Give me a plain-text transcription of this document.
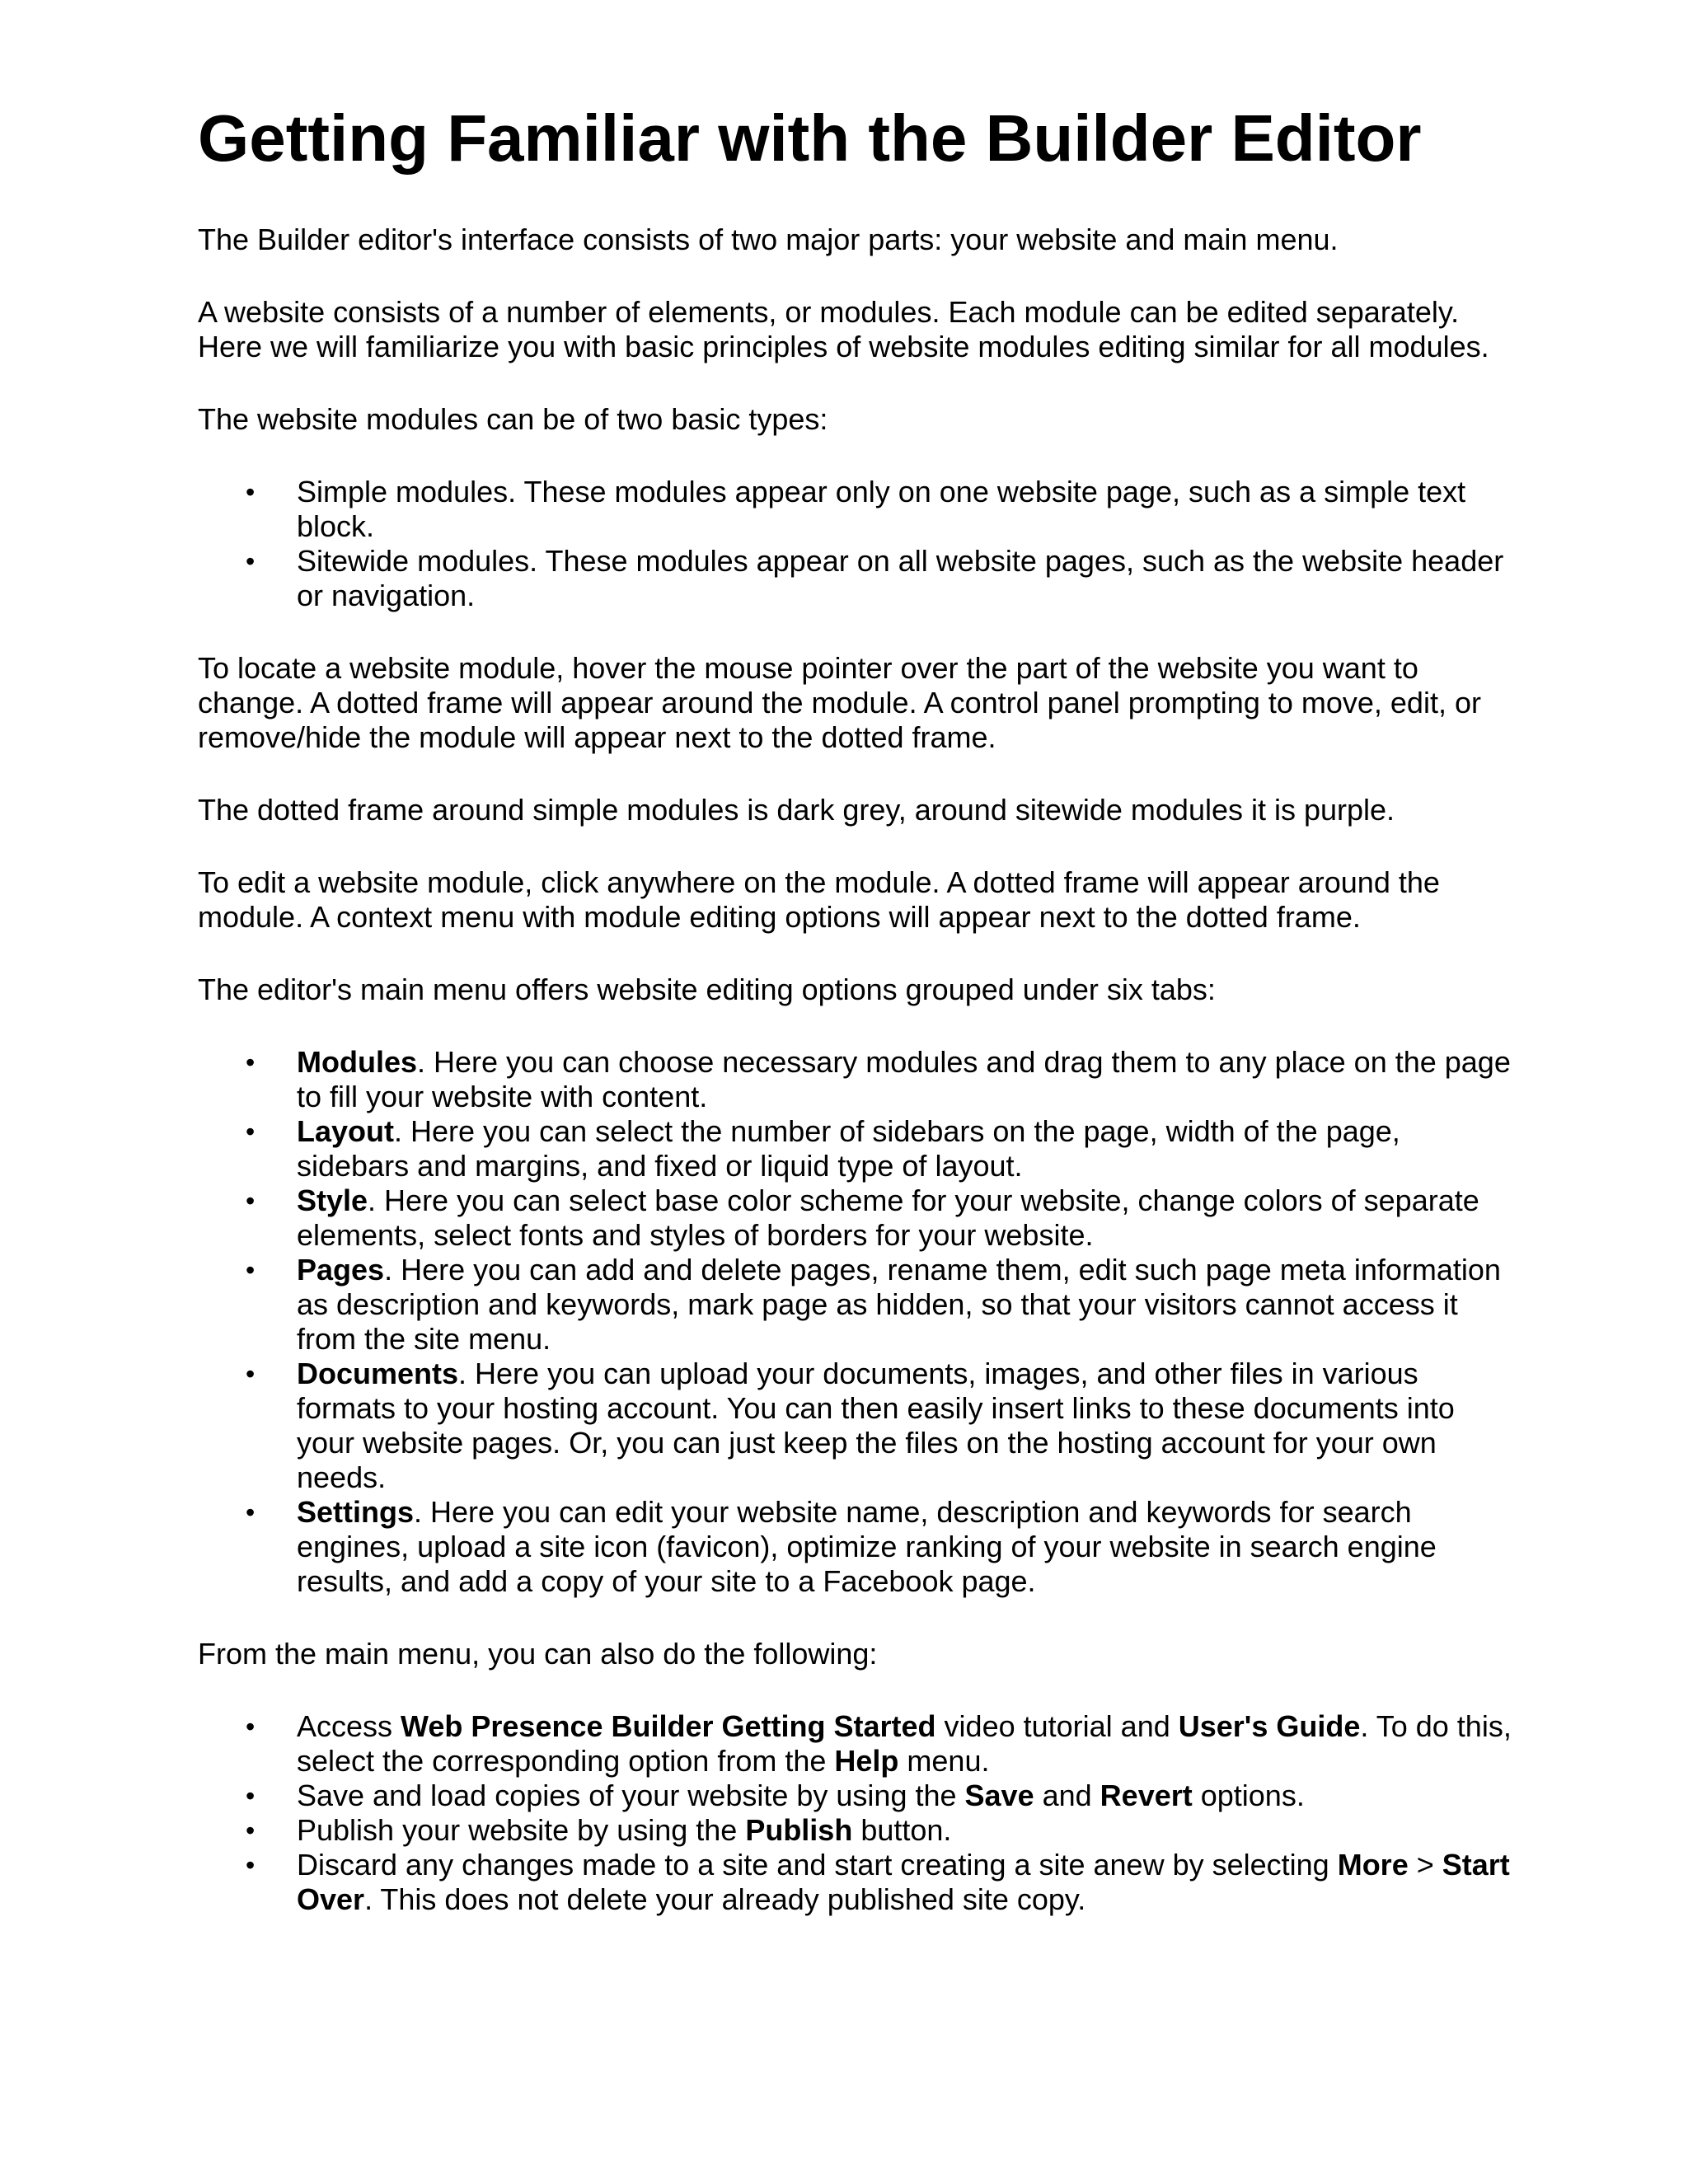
Getting Familiar with the Builder Editor

The Builder editor's interface consists of two major parts: your website and main menu.

A website consists of a number of elements, or modules. Each module can be edited separately. Here we will familiarize you with basic principles of website modules editing similar for all modules.

The website modules can be of two basic types:

• Simple modules. These modules appear only on one website page, such as a simple text block.
• Sitewide modules. These modules appear on all website pages, such as the website header or navigation.

To locate a website module, hover the mouse pointer over the part of the website you want to change. A dotted frame will appear around the module. A control panel prompting to move, edit, or remove/hide the module will appear next to the dotted frame.

The dotted frame around simple modules is dark grey, around sitewide modules it is purple.

To edit a website module, click anywhere on the module. A dotted frame will appear around the module. A context menu with module editing options will appear next to the dotted frame.

The editor's main menu offers website editing options grouped under six tabs:

• Modules. Here you can choose necessary modules and drag them to any place on the page to fill your website with content.
• Layout. Here you can select the number of sidebars on the page, width of the page, sidebars and margins, and fixed or liquid type of layout.
• Style. Here you can select base color scheme for your website, change colors of separate elements, select fonts and styles of borders for your website.
• Pages. Here you can add and delete pages, rename them, edit such page meta information as description and keywords, mark page as hidden, so that your visitors cannot access it from the site menu.
• Documents. Here you can upload your documents, images, and other files in various formats to your hosting account. You can then easily insert links to these documents into your website pages. Or, you can just keep the files on the hosting account for your own needs.
• Settings. Here you can edit your website name, description and keywords for search engines, upload a site icon (favicon), optimize ranking of your website in search engine results, and add a copy of your site to a Facebook page.

From the main menu, you can also do the following:

• Access Web Presence Builder Getting Started video tutorial and User's Guide. To do this, select the corresponding option from the Help menu.
• Save and load copies of your website by using the Save and Revert options.
• Publish your website by using the Publish button.
• Discard any changes made to a site and start creating a site anew by selecting More > Start Over. This does not delete your already published site copy.
